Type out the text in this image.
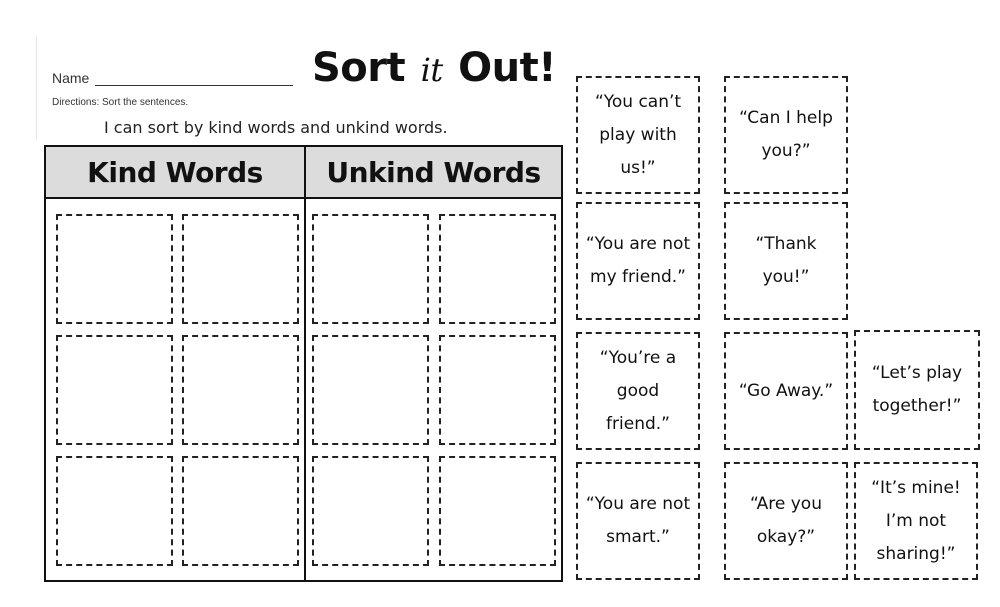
Name	Sort it Out!
Directions: Sort the sentences.
I can sort by kind words and unkind words.
Kind Words	Unkind Words
“You can’t play with us!”
“Can I help you?”
“You are not my friend.”
“Thank you!”
“You’re a good friend.”
“Go Away.”
“Let’s play together!”
“You are not smart.”
“Are you okay?”
“It’s mine! I’m not sharing!”
